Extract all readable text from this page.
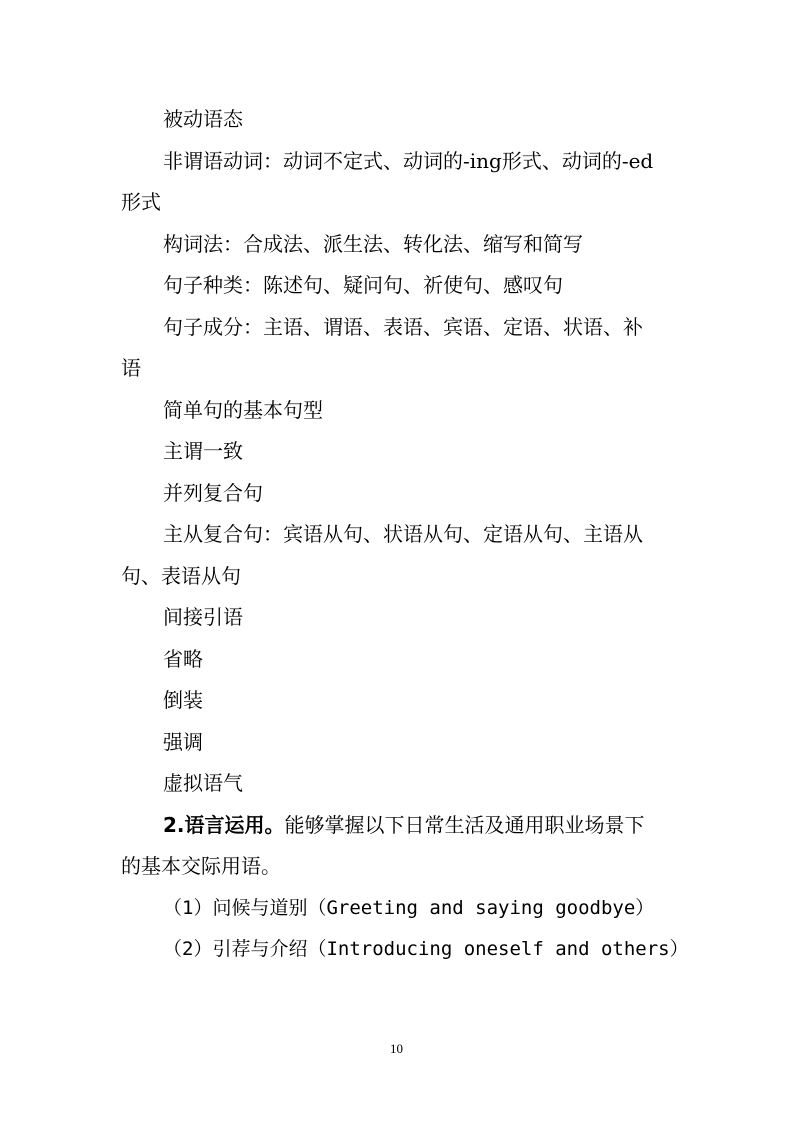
被动语态

非谓语动词：动词不定式、动词的-ing形式、动词的-ed

形式

构词法：合成法、派生法、转化法、缩写和简写

句子种类：陈述句、疑问句、祈使句、感叹句

句子成分：主语、谓语、表语、宾语、定语、状语、补

语

简单句的基本句型

主谓一致

并列复合句

主从复合句：宾语从句、状语从句、定语从句、主语从

句、表语从句

间接引语

省略

倒装

强调

虚拟语气

2.语言运用。能够掌握以下日常生活及通用职业场景下

的基本交际用语。

（1）问候与道别（Greeting and saying goodbye）

（2）引荐与介绍（Introducing oneself and others）

10
